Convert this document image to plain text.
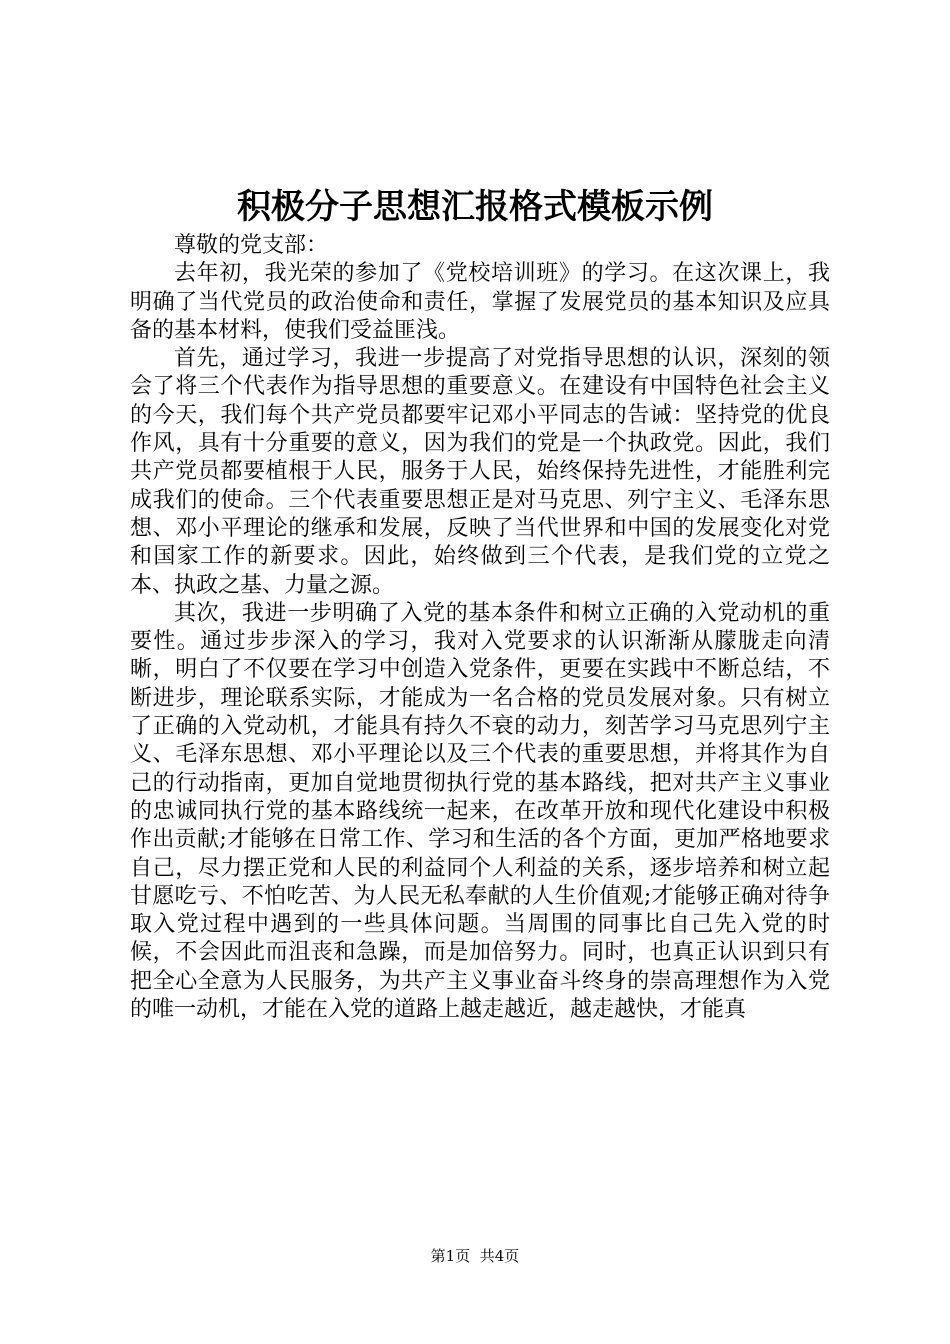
积极分子思想汇报格式模板示例

尊敬的党支部：

去年初，我光荣的参加了《党校培训班》的学习。在这次课上，我明确了当代党员的政治使命和责任，掌握了发展党员的基本知识及应具备的基本材料，使我们受益匪浅。

首先，通过学习，我进一步提高了对党指导思想的认识，深刻的领会了将三个代表作为指导思想的重要意义。在建设有中国特色社会主义的今天，我们每个共产党员都要牢记邓小平同志的告诫：坚持党的优良作风，具有十分重要的意义，因为我们的党是一个执政党。因此，我们共产党员都要植根于人民，服务于人民，始终保持先进性，才能胜利完成我们的使命。三个代表重要思想正是对马克思、列宁主义、毛泽东思想、邓小平理论的继承和发展，反映了当代世界和中国的发展变化对党和国家工作的新要求。因此，始终做到三个代表，是我们党的立党之本、执政之基、力量之源。

其次，我进一步明确了入党的基本条件和树立正确的入党动机的重要性。通过步步深入的学习，我对入党要求的认识渐渐从朦胧走向清晰，明白了不仅要在学习中创造入党条件，更要在实践中不断总结，不断进步，理论联系实际，才能成为一名合格的党员发展对象。只有树立了正确的入党动机，才能具有持久不衰的动力，刻苦学习马克思列宁主义、毛泽东思想、邓小平理论以及三个代表的重要思想，并将其作为自己的行动指南，更加自觉地贯彻执行党的基本路线，把对共产主义事业的忠诚同执行党的基本路线统一起来，在改革开放和现代化建设中积极作出贡献;才能够在日常工作、学习和生活的各个方面，更加严格地要求自己，尽力摆正党和人民的利益同个人利益的关系，逐步培养和树立起甘愿吃亏、不怕吃苦、为人民无私奉献的人生价值观;才能够正确对待争取入党过程中遇到的一些具体问题。当周围的同事比自己先入党的时候，不会因此而沮丧和急躁，而是加倍努力。同时，也真正认识到只有把全心全意为人民服务，为共产主义事业奋斗终身的崇高理想作为入党的唯一动机，才能在入党的道路上越走越近，越走越快，才能真

第1页 共4页
